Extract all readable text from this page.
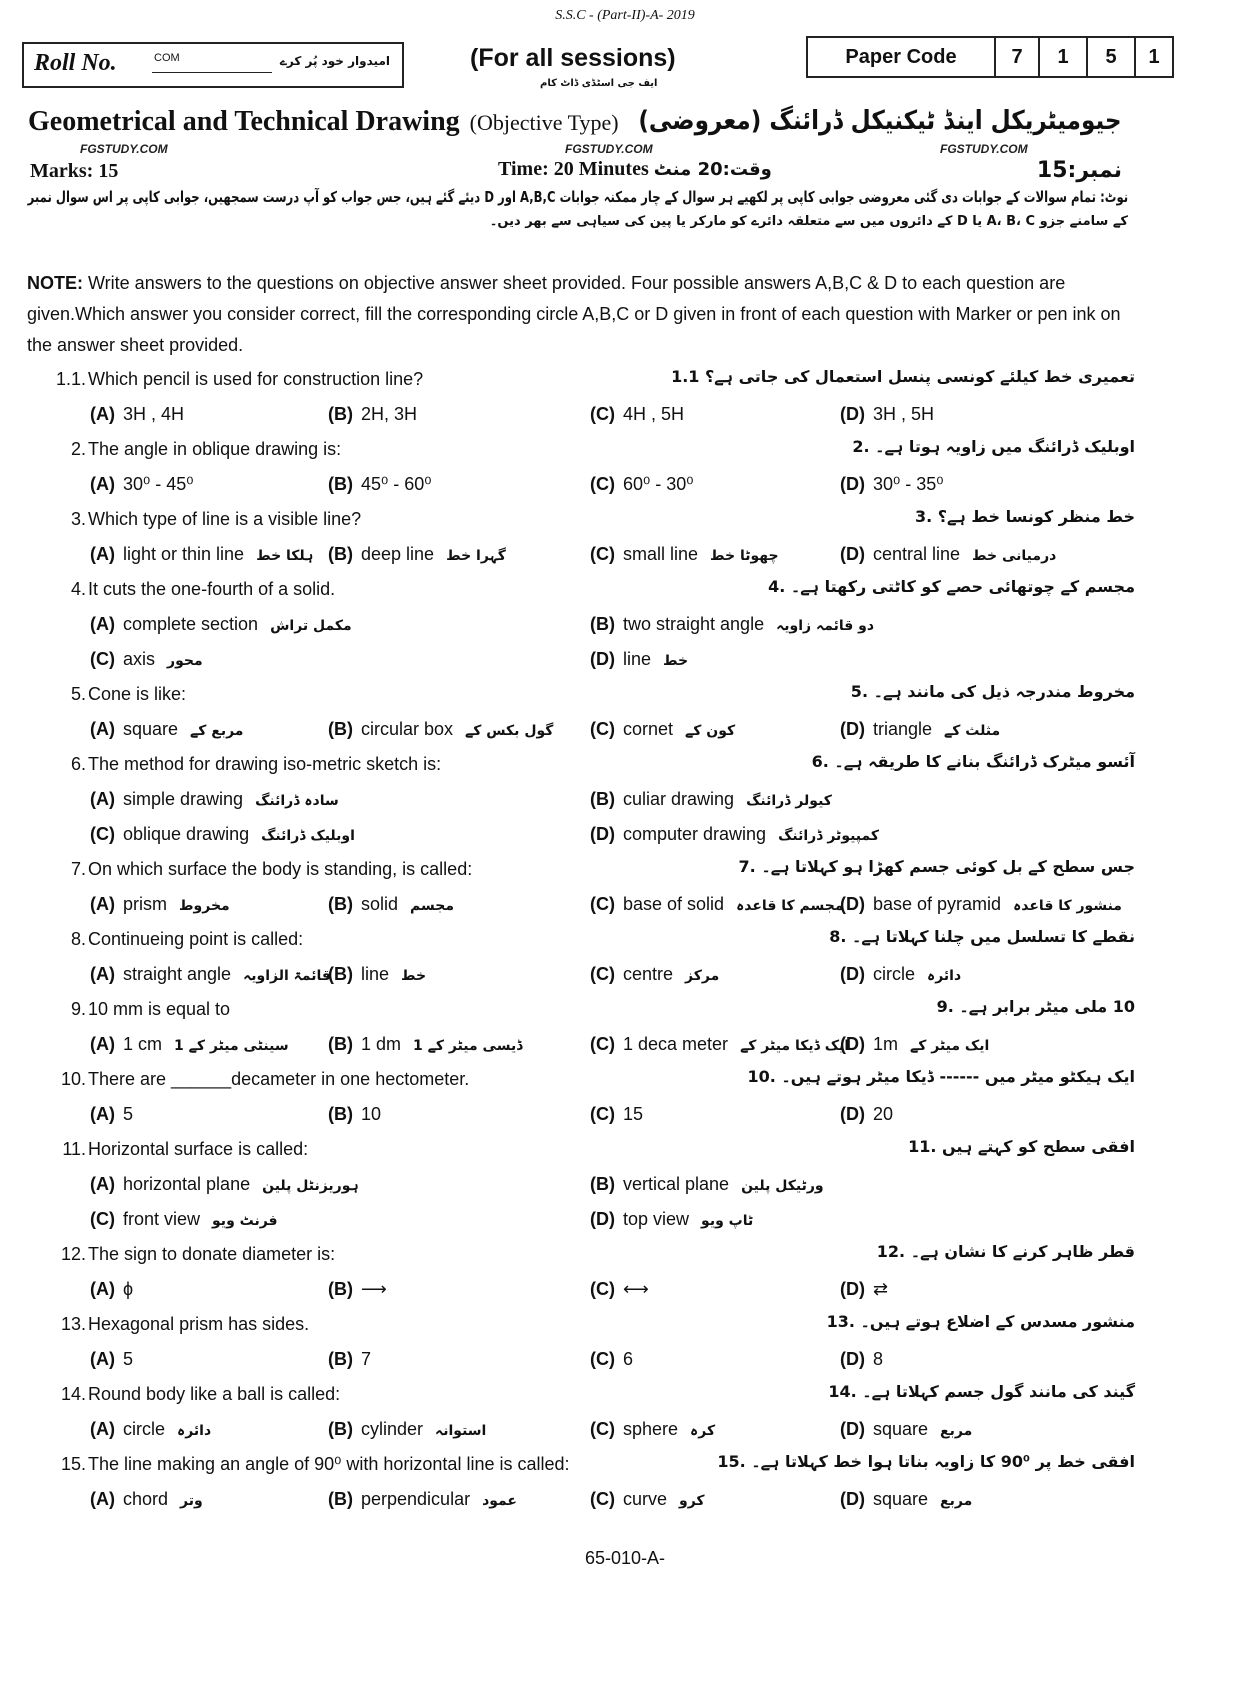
S.S.C - (Part-II)-A- 2019
Roll No.	COM	امیدوار خود پُر کرے	(For all sessions)
ایف جی اسٹڈی ڈاٹ کام
Paper Code	7	1	5	1
Geometrical and Technical Drawing (Objective Type) جیومیٹریکل اینڈ ٹیکنیکل ڈرائنگ (معروضی)
FGSTUDY.COM	FGSTUDY.COM	FGSTUDY.COM
Marks: 15	Time: 20 Minutes وقت:20 منٹ	نمبر:15
نوٹ: تمام سوالات کے جوابات دی گئی معروضی جوابی کاپی پر لکھیے ہر سوال کے چار ممکنہ جوابات A,B,C اور D دیئے گئے ہیں، جس جواب کو آپ درست سمجھیں، جوابی کاپی پر اس سوال نمبر
کے سامنے جزو A، B، C یا D کے دائروں میں سے متعلقہ دائرے کو مارکر یا پین کی سیاہی سے بھر دیں۔
NOTE: Write answers to the questions on objective answer sheet provided. Four possible answers A,B,C & D to each question are given.Which answer you consider correct, fill the corresponding circle A,B,C or D given in front of each question with Marker or pen ink on the answer sheet provided.
1.1. Which pencil is used for construction line?	تعمیری خط کیلئے کونسی پنسل استعمال کی جاتی ہے؟ 1.1
(A) 3H , 4H	(B) 2H, 3H	(C) 4H , 5H	(D) 3H , 5H
2. The angle in oblique drawing is:	اوبلیک ڈرائنگ میں زاویہ ہوتا ہے۔ .2
(A) 30⁰ - 45⁰	(B) 45⁰ - 60⁰	(C) 60⁰ - 30⁰	(D) 30⁰ - 35⁰
3. Which type of line is a visible line?	خط منظر کونسا خط ہے؟ .3
(A) light or thin line ہلکا خط (B) deep line گہرا خط	(C) small line چھوٹا خط	(D) central line درمیانی خط
4. It cuts the one-fourth of a solid.	مجسم کے چوتھائی حصے کو کاٹتی رکھتا ہے۔ .4
(A) complete section مکمل تراش	(B) two straight angle دو قائمہ زاویہ
(C) axis محور	(D) line خط
5. Cone is like:	مخروط مندرجہ ذیل کی مانند ہے۔ .5
(A) square مربع کے	(B) circular box گول بکس کے (C) cornet کون کے	(D) triangle مثلث کے
6. The method for drawing iso-metric sketch is:	آئسو میٹرک ڈرائنگ بنانے کا طریقہ ہے۔ .6
(A) simple drawing سادہ ڈرائنگ	(B) culiar drawing کیولر ڈرائنگ
(C) oblique drawing اوبلیک ڈرائنگ	(D) computer drawing کمپیوٹر ڈرائنگ
7. On which surface the body is standing, is called:	جس سطح کے بل کوئی جسم کھڑا ہو کہلاتا ہے۔ .7
(A) prism مخروط	(B) solid مجسم	(C) base of solid مجسم کا قاعدہ
(D) base of pyramid منشور کا قاعدہ
8. Continueing point is called:	نقطے کا تسلسل میں چلنا کہلاتا ہے۔ .8
(A) straight angle قائمۃ الزاویہ
(B) line خط	(C) centre مرکز	(D) circle دائرہ
9. 10 mm is equal to	10 ملی میٹر برابر ہے۔ .9
(A) 1 cm 1 سینٹی میٹر کے (B) 1 dm 1 ڈیسی میٹر کے	(C) 1 deca meter ایک ڈیکا میٹر کے
(D) 1m ایک میٹر کے
10. There are ______decameter in one hectometer.	ایک ہیکٹو میٹر میں ------ ڈیکا میٹر ہوتے ہیں۔ .10
(A) 5	(B) 10	(C) 15	(D) 20
11. Horizontal surface is called:	افقی سطح کو کہتے ہیں .11
(A) horizontal plane ہوریزنٹل پلین	(B) vertical plane ورٹیکل پلین
(C) front view فرنٹ ویو	(D) top view ٹاپ ویو
12. The sign to donate diameter is:	قطر ظاہر کرنے کا نشان ہے۔ .12
(A) ϕ	(B) ⟶	(C) ⟷	(D) ⇄
13. Hexagonal prism has sides.	منشور مسدس کے اضلاع ہوتے ہیں۔ .13
(A) 5	(B) 7	(C) 6	(D) 8
14. Round body like a ball is called:	گیند کی مانند گول جسم کہلاتا ہے۔ .14
(A) circle دائرہ	(B) cylinder استوانہ	(C) sphere کرہ	(D) square مربع
15. The line making an angle of 90⁰ with horizontal line is called:	افقی خط پر 90⁰ کا زاویہ بناتا ہوا خط کہلاتا ہے۔ .15
(A) chord وتر	(B) perpendicular عمود	(C) curve کرو	(D) square مربع
65-010-A-
